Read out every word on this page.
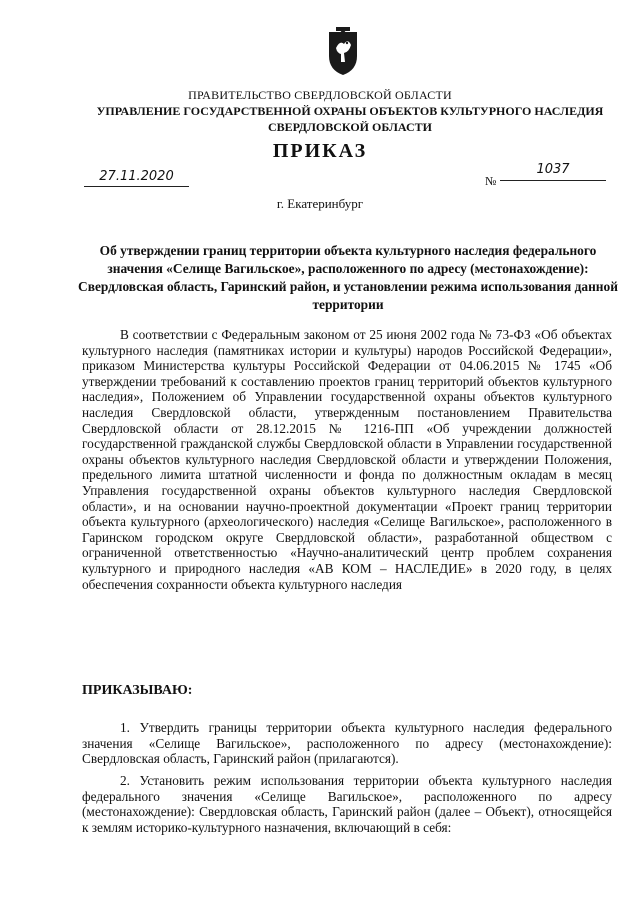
ПРАВИТЕЛЬСТВО СВЕРДЛОВСКОЙ ОБЛАСТИ
УПРАВЛЕНИЕ ГОСУДАРСТВЕННОЙ ОХРАНЫ ОБЪЕКТОВ КУЛЬТУРНОГО НАСЛЕДИЯ СВЕРДЛОВСКОЙ ОБЛАСТИ
ПРИКАЗ
27.11.2020	№
1037
г. Екатеринбург
Об утверждении границ территории объекта культурного наследия федерального значения «Селище Вагильское», расположенного по адресу (местонахождение): Свердловская область, Гаринский район, и установлении режима использования данной территории

В соответствии с Федеральным законом от 25 июня 2002 года № 73-ФЗ «Об объектах культурного наследия (памятниках истории и культуры) народов Российской Федерации», приказом Министерства культуры Российской Федерации от 04.06.2015 № 1745 «Об утверждении требований к составлению проектов границ территорий объектов культурного наследия», Положением об Управлении государственной охраны объектов культурного наследия Свердловской области, утвержденным постановлением Правительства Свердловской области от 28.12.2015 № 1216-ПП «Об учреждении должностей государственной гражданской службы Свердловской области в Управлении государственной охраны объектов культурного наследия Свердловской области и утверждении Положения, предельного лимита штатной численности и фонда по должностным окладам в месяц Управления государственной охраны объектов культурного наследия Свердловской области», и на основании научно-проектной документации «Проект границ территории объекта культурного (археологического) наследия «Селище Вагильское», расположенного в Гаринском городском округе Свердловской области», разработанной обществом с ограниченной ответственностью «Научно-аналитический центр проблем сохранения культурного и природного наследия «АВ КОМ – НАСЛЕДИЕ» в 2020 году, в целях обеспечения сохранности объекта культурного наследия

ПРИКАЗЫВАЮ:

1. Утвердить границы территории объекта культурного наследия федерального значения «Селище Вагильское», расположенного по адресу (местонахождение): Свердловская область, Гаринский район (прилагаются).

2. Установить режим использования территории объекта культурного наследия федерального значения «Селище Вагильское», расположенного по адресу (местонахождение): Свердловская область, Гаринский район (далее – Объект), относящейся к землям историко-культурного назначения, включающий в себя:
